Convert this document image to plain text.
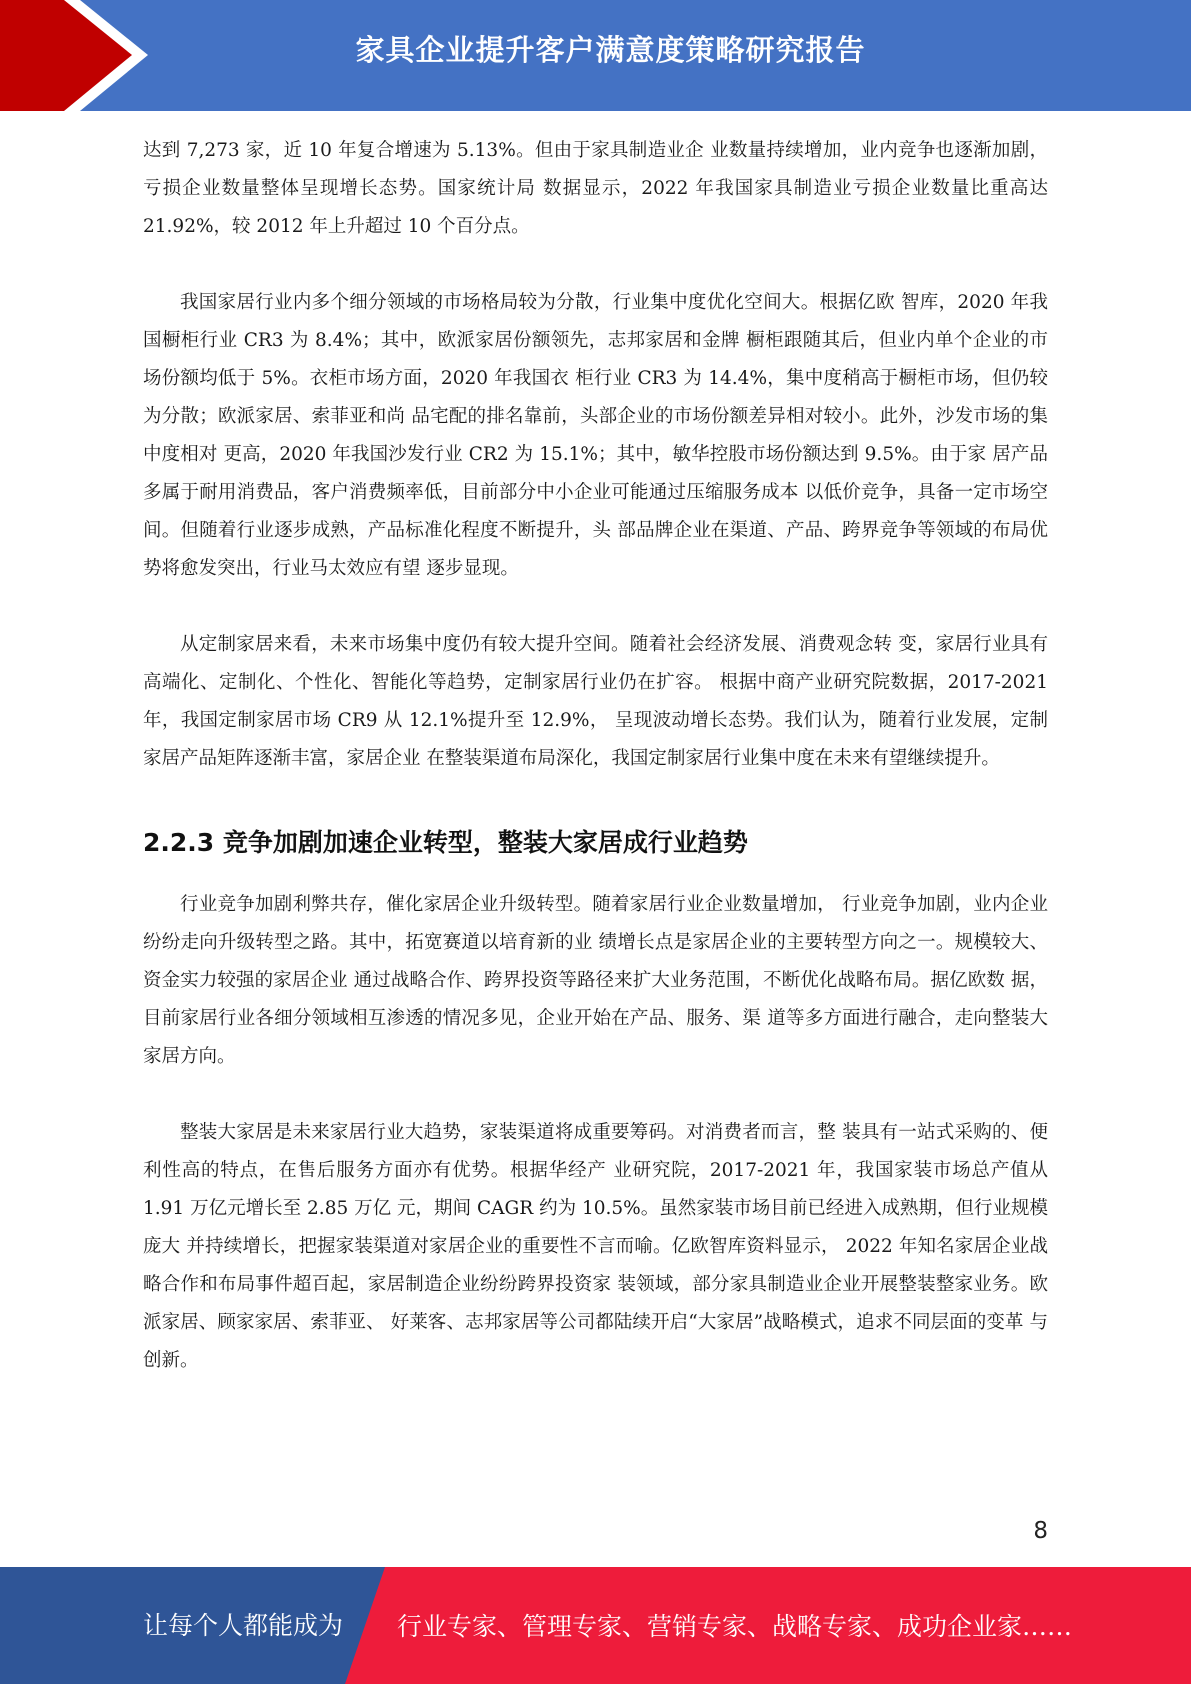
家具企业提升客户满意度策略研究报告

达到 7,273 家，近 10 年复合增速为 5.13%。但由于家具制造业企 业数量持续增加，业内竞争也逐渐加剧，亏损企业数量整体呈现增长态势。国家统计局 数据显示，2022 年我国家具制造业亏损企业数量比重高达 21.92%，较 2012 年上升超过 10 个百分点。

我国家居行业内多个细分领域的市场格局较为分散，行业集中度优化空间大。根据亿欧 智库，2020 年我国橱柜行业 CR3 为 8.4%；其中，欧派家居份额领先，志邦家居和金牌 橱柜跟随其后，但业内单个企业的市场份额均低于 5%。衣柜市场方面，2020 年我国衣 柜行业 CR3 为 14.4%，集中度稍高于橱柜市场，但仍较为分散；欧派家居、索菲亚和尚 品宅配的排名靠前，头部企业的市场份额差异相对较小。此外，沙发市场的集中度相对 更高，2020 年我国沙发行业 CR2 为 15.1%；其中，敏华控股市场份额达到 9.5%。由于家 居产品多属于耐用消费品，客户消费频率低，目前部分中小企业可能通过压缩服务成本 以低价竞争，具备一定市场空间。但随着行业逐步成熟，产品标准化程度不断提升，头 部品牌企业在渠道、产品、跨界竞争等领域的布局优势将愈发突出，行业马太效应有望 逐步显现。

从定制家居来看，未来市场集中度仍有较大提升空间。随着社会经济发展、消费观念转 变，家居行业具有高端化、定制化、个性化、智能化等趋势，定制家居行业仍在扩容。 根据中商产业研究院数据，2017-2021 年，我国定制家居市场 CR9 从 12.1%提升至 12.9%， 呈现波动增长态势。我们认为，随着行业发展，定制家居产品矩阵逐渐丰富，家居企业 在整装渠道布局深化，我国定制家居行业集中度在未来有望继续提升。

2.2.3 竞争加剧加速企业转型，整装大家居成行业趋势

行业竞争加剧利弊共存，催化家居企业升级转型。随着家居行业企业数量增加， 行业竞争加剧，业内企业纷纷走向升级转型之路。其中，拓宽赛道以培育新的业 绩增长点是家居企业的主要转型方向之一。规模较大、资金实力较强的家居企业 通过战略合作、跨界投资等路径来扩大业务范围，不断优化战略布局。据亿欧数 据，目前家居行业各细分领域相互渗透的情况多见，企业开始在产品、服务、渠 道等多方面进行融合，走向整装大家居方向。

整装大家居是未来家居行业大趋势，家装渠道将成重要筹码。对消费者而言，整 装具有一站式采购的、便利性高的特点，在售后服务方面亦有优势。根据华经产 业研究院，2017-2021 年，我国家装市场总产值从 1.91 万亿元增长至 2.85 万亿 元，期间 CAGR 约为 10.5%。虽然家装市场目前已经进入成熟期，但行业规模庞大 并持续增长，把握家装渠道对家居企业的重要性不言而喻。亿欧智库资料显示， 2022 年知名家居企业战略合作和布局事件超百起，家居制造企业纷纷跨界投资家 装领域，部分家具制造业企业开展整装整家业务。欧派家居、顾家家居、索菲亚、 好莱客、志邦家居等公司都陆续开启“大家居”战略模式，追求不同层面的变革 与创新。

8
让每个人都能成为 行业专家、管理专家、营销专家、战略专家、成功企业家……
